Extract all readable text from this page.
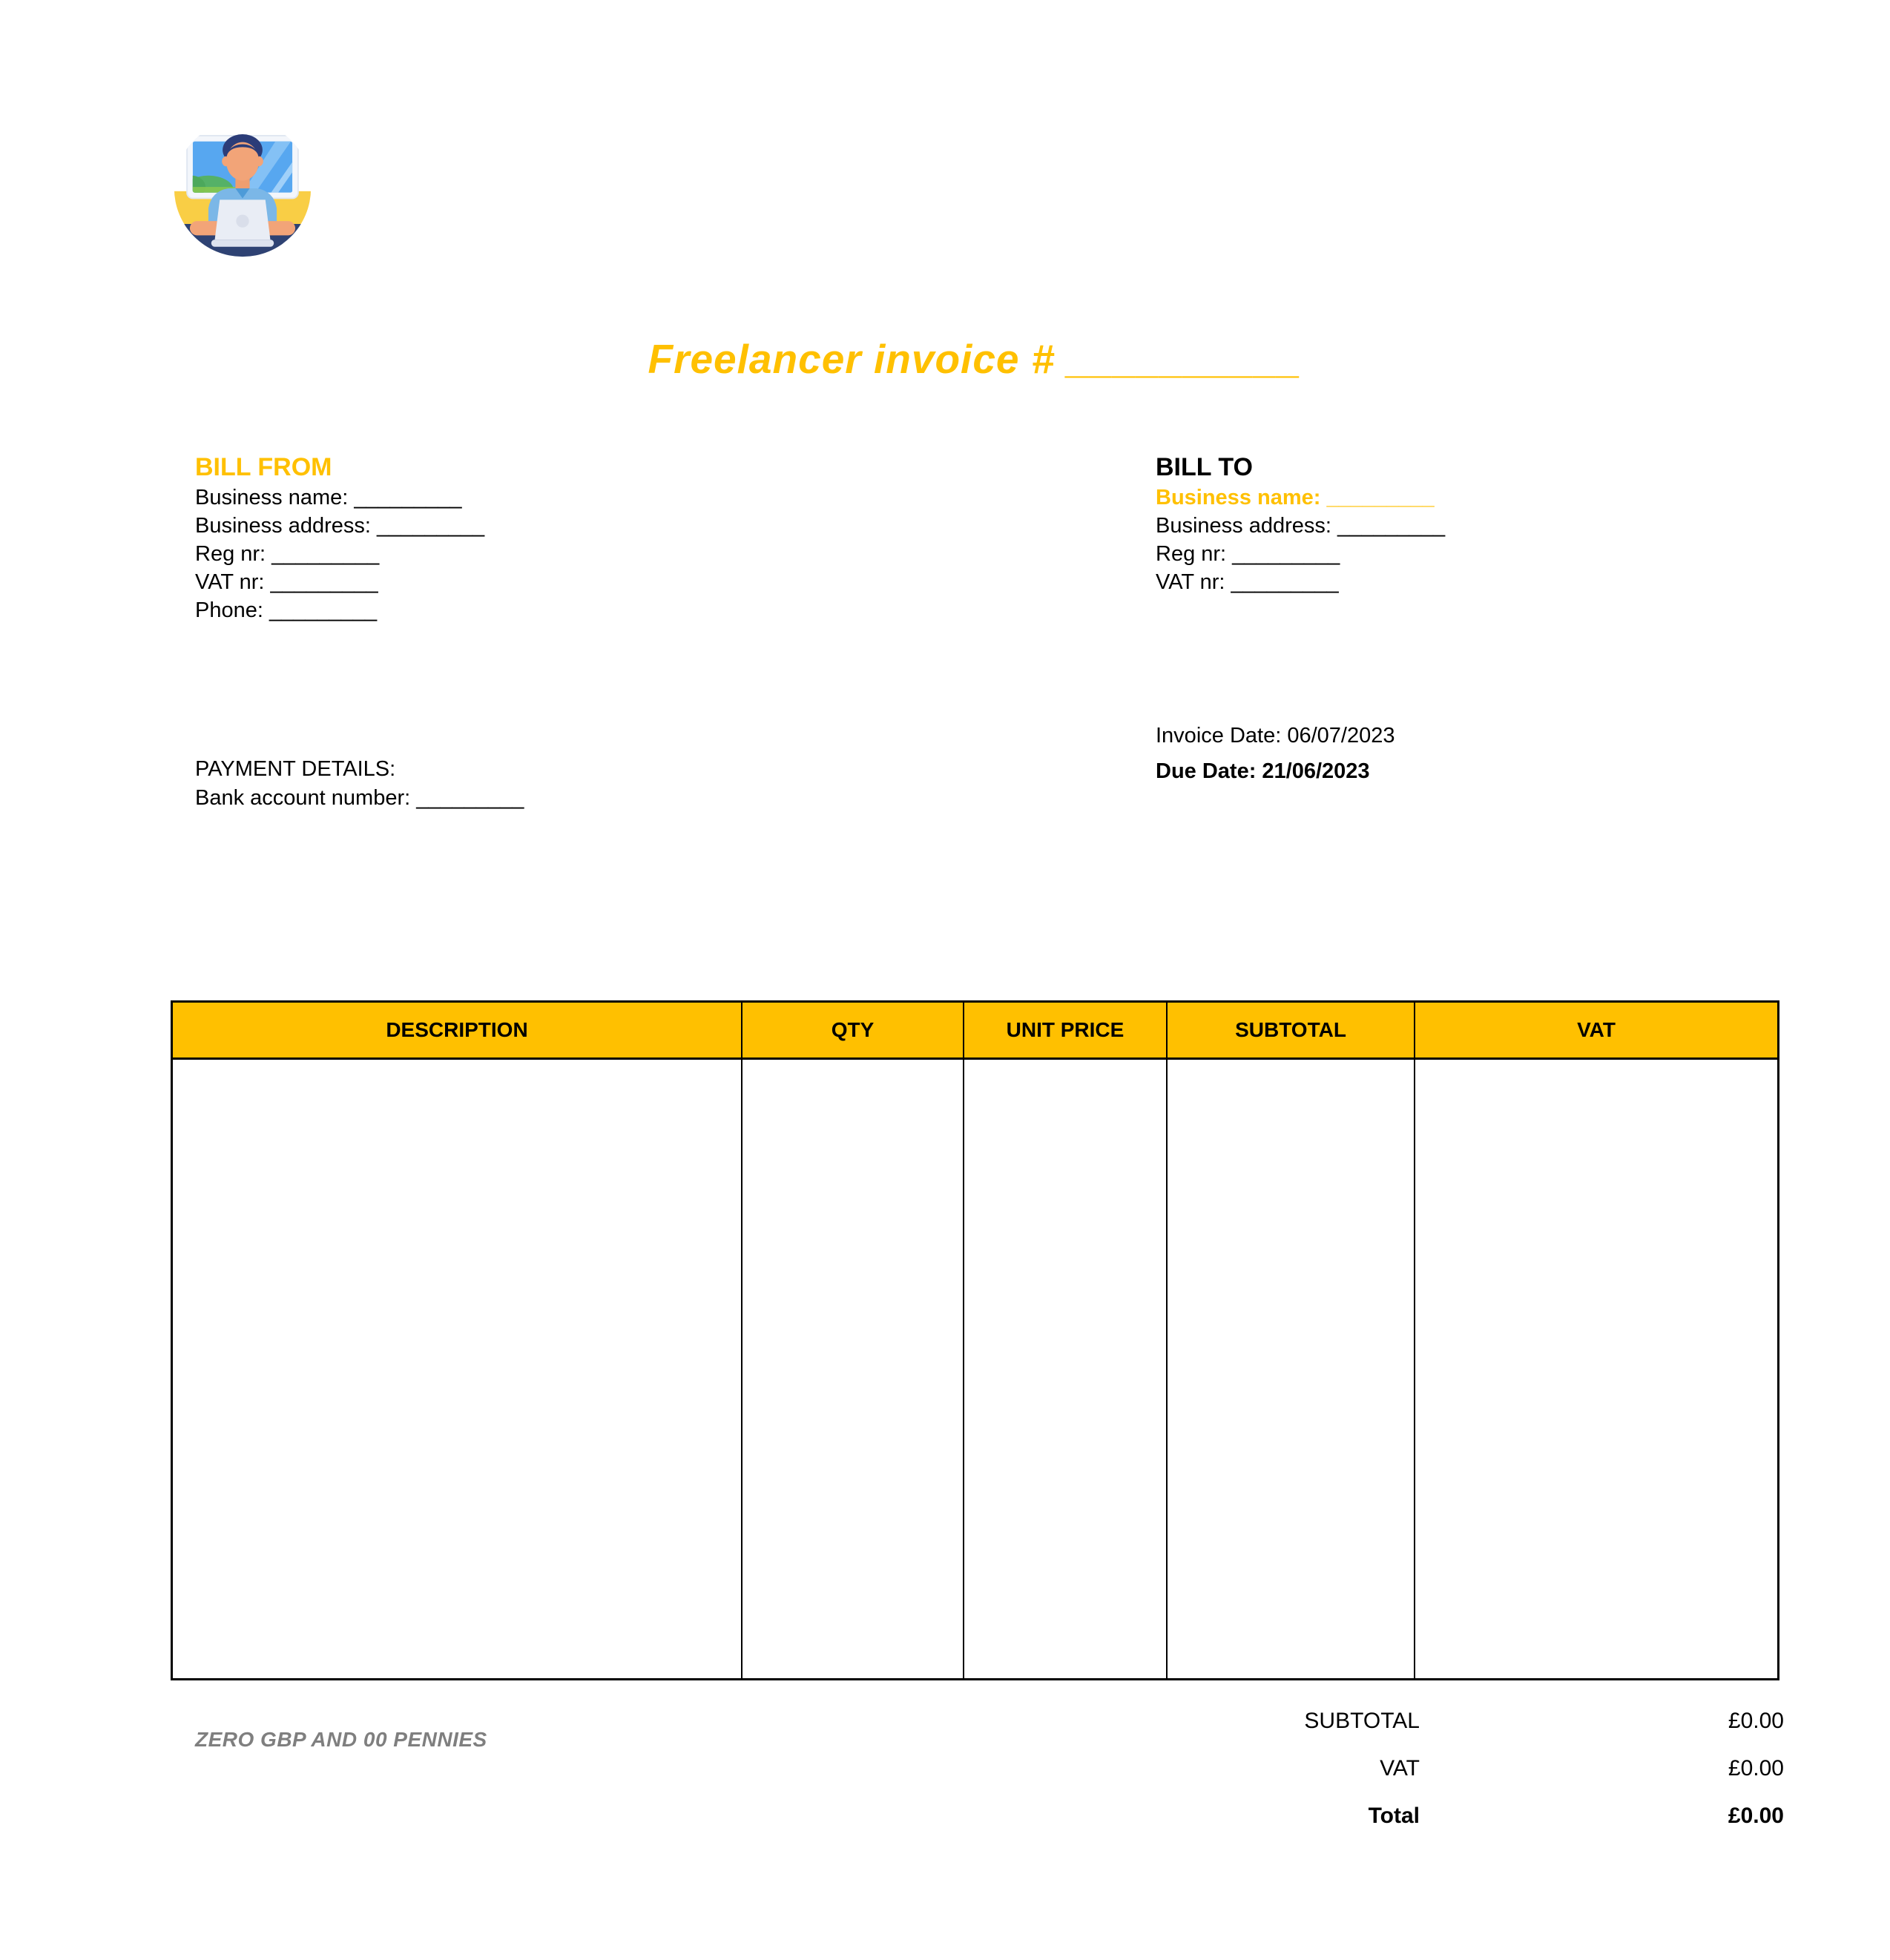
Freelancer invoice # __________
BILL FROM
Business name: _________
Business address: _________
Reg nr: _________
VAT nr: _________
Phone: _________
BILL TO
Business name: _________
Business address: _________
Reg nr: _________
VAT nr: _________
Invoice Date: 06/07/2023
Due Date: 21/06/2023
PAYMENT DETAILS:
Bank account number: _________
DESCRIPTION	QTY	UNIT PRICE	SUBTOTAL	VAT
SUBTOTAL	£0.00
VAT	£0.00
Total	£0.00
ZERO GBP AND 00 PENNIES
